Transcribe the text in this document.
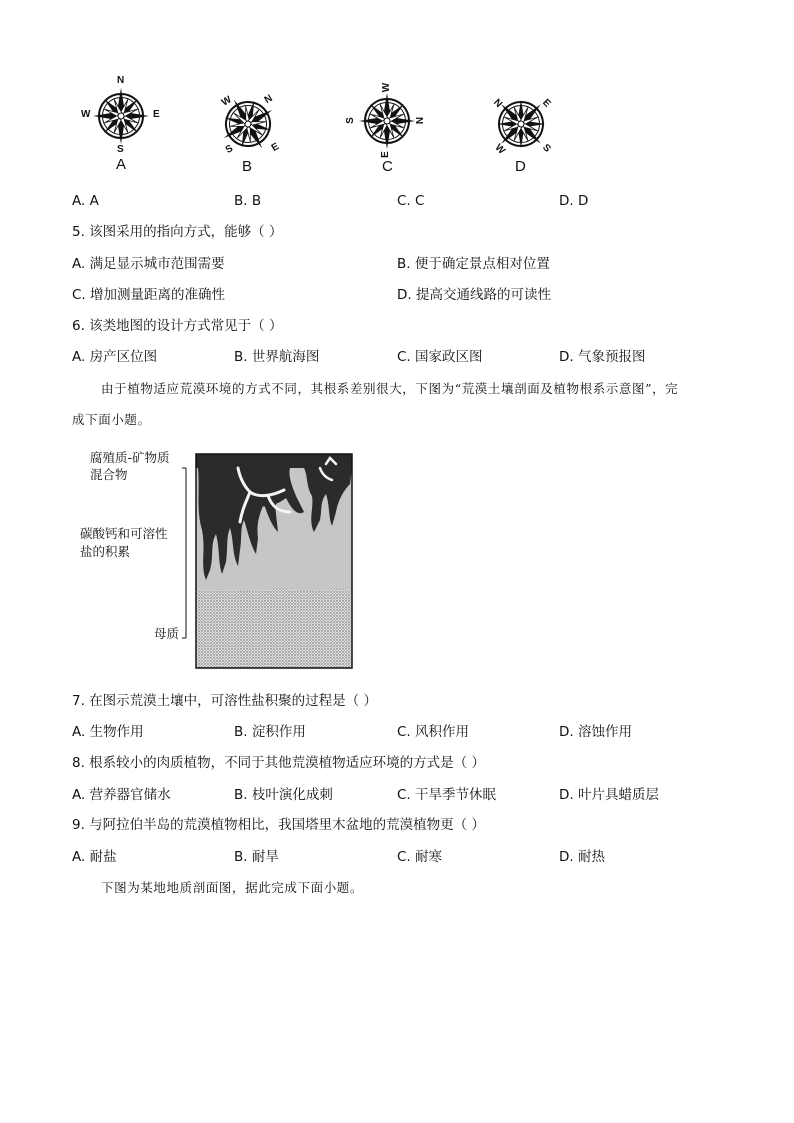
N
E
S
W
A
N
E
S
W
B
W
N
E
S
C
E
S
W
N
D
A. A	B. B	C. C	D. D
5. 该图采用的指向方式，能够（ ）
A. 满足显示城市范围需要	B. 便于确定景点相对位置
C. 增加测量距离的准确性	D. 提高交通线路的可读性
6. 该类地图的设计方式常见于（ ）
A. 房产区位图	B. 世界航海图	C. 国家政区图	D. 气象预报图
由于植物适应荒漠环境的方式不同，其根系差别很大，下图为“荒漠土壤剖面及植物根系示意图”，完
成下面小题。
腐殖质-矿物质
混合物
碳酸钙和可溶性
盐的积累
母质
7. 在图示荒漠土壤中，可溶性盐积聚的过程是（ ）
A. 生物作用	B. 淀积作用	C. 风积作用	D. 溶蚀作用
8. 根系较小的肉质植物，不同于其他荒漠植物适应环境的方式是（ ）
A. 营养器官储水	B. 枝叶演化成刺	C. 干旱季节休眠	D. 叶片具蜡质层
9. 与阿拉伯半岛的荒漠植物相比，我国塔里木盆地的荒漠植物更（ ）
A. 耐盐	B. 耐旱	C. 耐寒	D. 耐热
下图为某地地质剖面图，据此完成下面小题。
